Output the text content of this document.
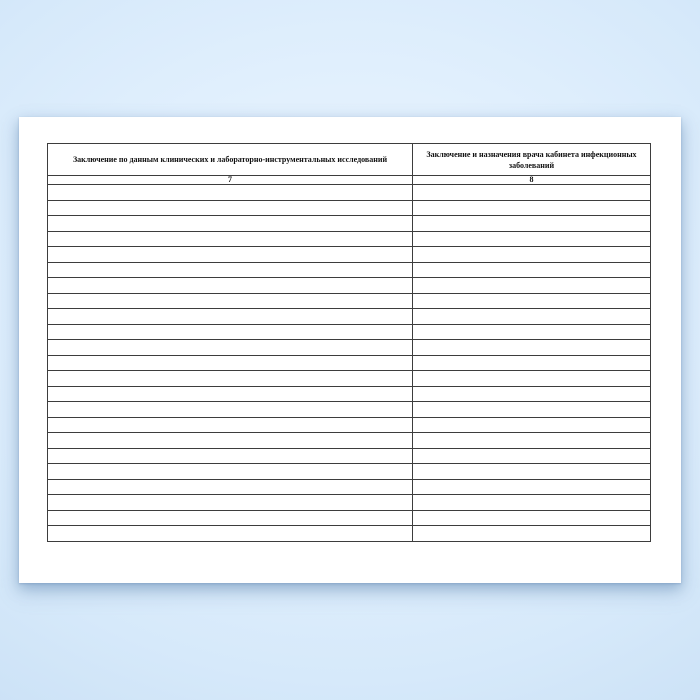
Заключение по данным клинических и лабораторно-инструментальных исследований	Заключение и назначения врача кабинета инфекционных заболеваний
7	8
